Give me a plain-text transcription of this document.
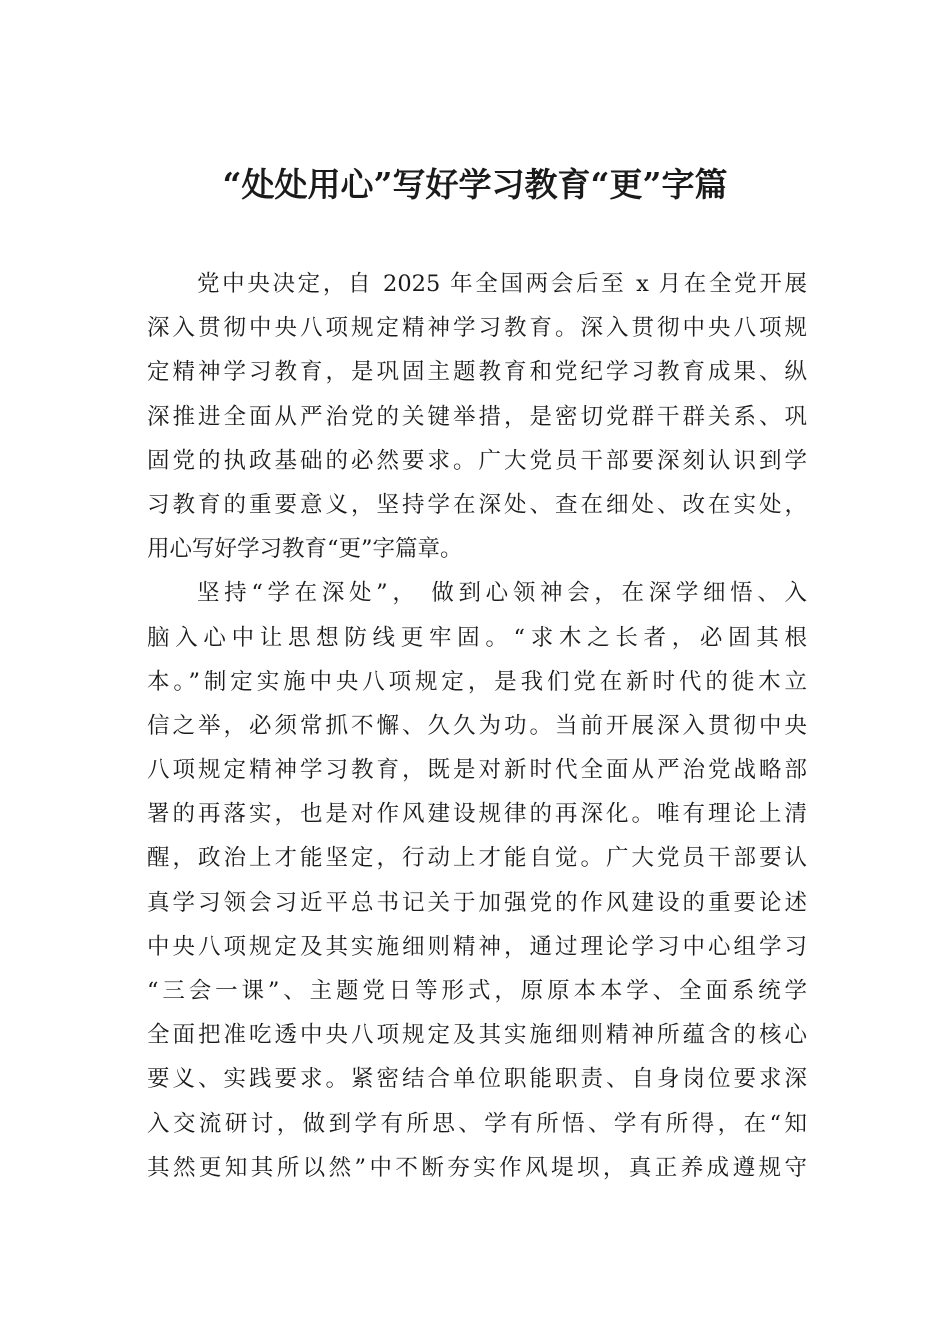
“处处用心”写好学习教育“更”字篇
党中央决定，自 2025 年全国两会后至 x 月在全党开展
深入贯彻中央八项规定精神学习教育。深入贯彻中央八项规
定精神学习教育，是巩固主题教育和党纪学习教育成果、纵
深推进全面从严治党的关键举措，是密切党群干群关系、巩
固党的执政基础的必然要求。广大党员干部要深刻认识到学
习教育的重要意义，坚持学在深处、查在细处、改在实处，
用心写好学习教育“更”字篇章。
坚持“学在深处”， 做到心领神会，在深学细悟、入
脑入心中让思想防线更牢固。“求木之长者，必固其根
本。”制定实施中央八项规定，是我们党在新时代的徙木立
信之举，必须常抓不懈、久久为功。当前开展深入贯彻中央
八项规定精神学习教育，既是对新时代全面从严治党战略部
署的再落实，也是对作风建设规律的再深化。唯有理论上清
醒，政治上才能坚定，行动上才能自觉。广大党员干部要认
真学习领会习近平总书记关于加强党的作风建设的重要论述
中央八项规定及其实施细则精神，通过理论学习中心组学习
“三会一课”、主题党日等形式，原原本本学、全面系统学
全面把准吃透中央八项规定及其实施细则精神所蕴含的核心
要义、实践要求。紧密结合单位职能职责、自身岗位要求深
入交流研讨，做到学有所思、学有所悟、学有所得，在“知
其然更知其所以然”中不断夯实作风堤坝，真正养成遵规守
